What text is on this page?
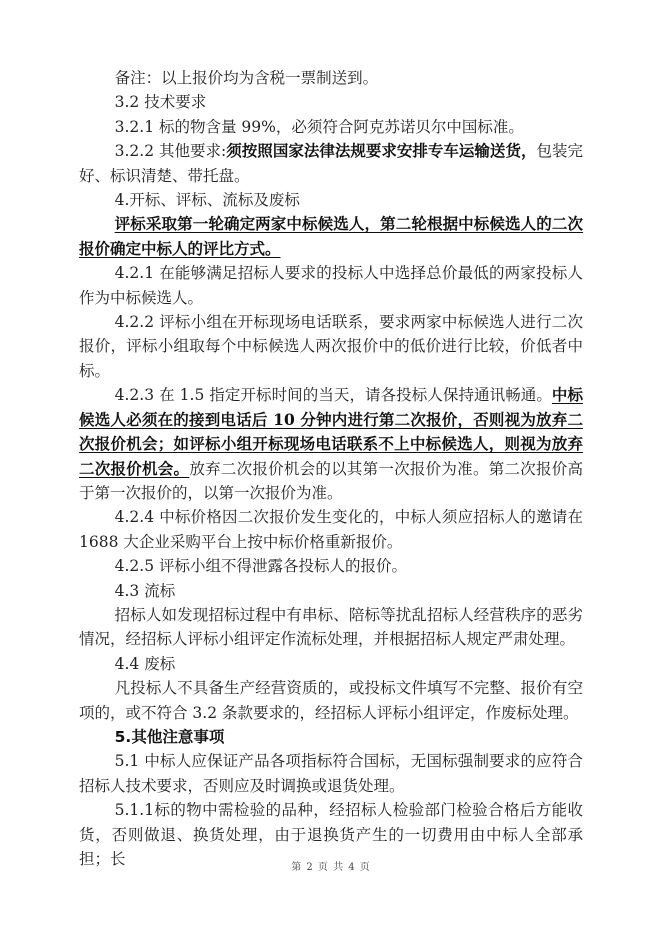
备注：以上报价均为含税一票制送到。

3.2 技术要求

3.2.1 标的物含量 99%，必须符合阿克苏诺贝尔中国标准。

3.2.2 其他要求:须按照国家法律法规要求安排专车运输送货，包装完好、标识清楚、带托盘。

4.开标、评标、流标及废标

评标采取第一轮确定两家中标候选人，第二轮根据中标候选人的二次报价确定中标人的评比方式。

4.2.1 在能够满足招标人要求的投标人中选择总价最低的两家投标人作为中标候选人。

4.2.2 评标小组在开标现场电话联系，要求两家中标候选人进行二次报价，评标小组取每个中标候选人两次报价中的低价进行比较，价低者中标。

4.2.3 在 1.5 指定开标时间的当天，请各投标人保持通讯畅通。中标候选人必须在的接到电话后 10 分钟内进行第二次报价，否则视为放弃二次报价机会；如评标小组开标现场电话联系不上中标候选人，则视为放弃二次报价机会。放弃二次报价机会的以其第一次报价为准。第二次报价高于第一次报价的，以第一次报价为准。

4.2.4 中标价格因二次报价发生变化的，中标人须应招标人的邀请在 1688 大企业采购平台上按中标价格重新报价。

4.2.5 评标小组不得泄露各投标人的报价。

4.3 流标

招标人如发现招标过程中有串标、陪标等扰乱招标人经营秩序的恶劣情况，经招标人评标小组评定作流标处理，并根据招标人规定严肃处理。

4.4 废标

凡投标人不具备生产经营资质的，或投标文件填写不完整、报价有空项的，或不符合 3.2 条款要求的，经招标人评标小组评定，作废标处理。

5.其他注意事项

5.1 中标人应保证产品各项指标符合国标，无国标强制要求的应符合招标人技术要求，否则应及时调换或退货处理。

5.1.1标的物中需检验的品种，经招标人检验部门检验合格后方能收货，否则做退、换货处理，由于退换货产生的一切费用由中标人全部承担；长	第 2 页 共 4 页
